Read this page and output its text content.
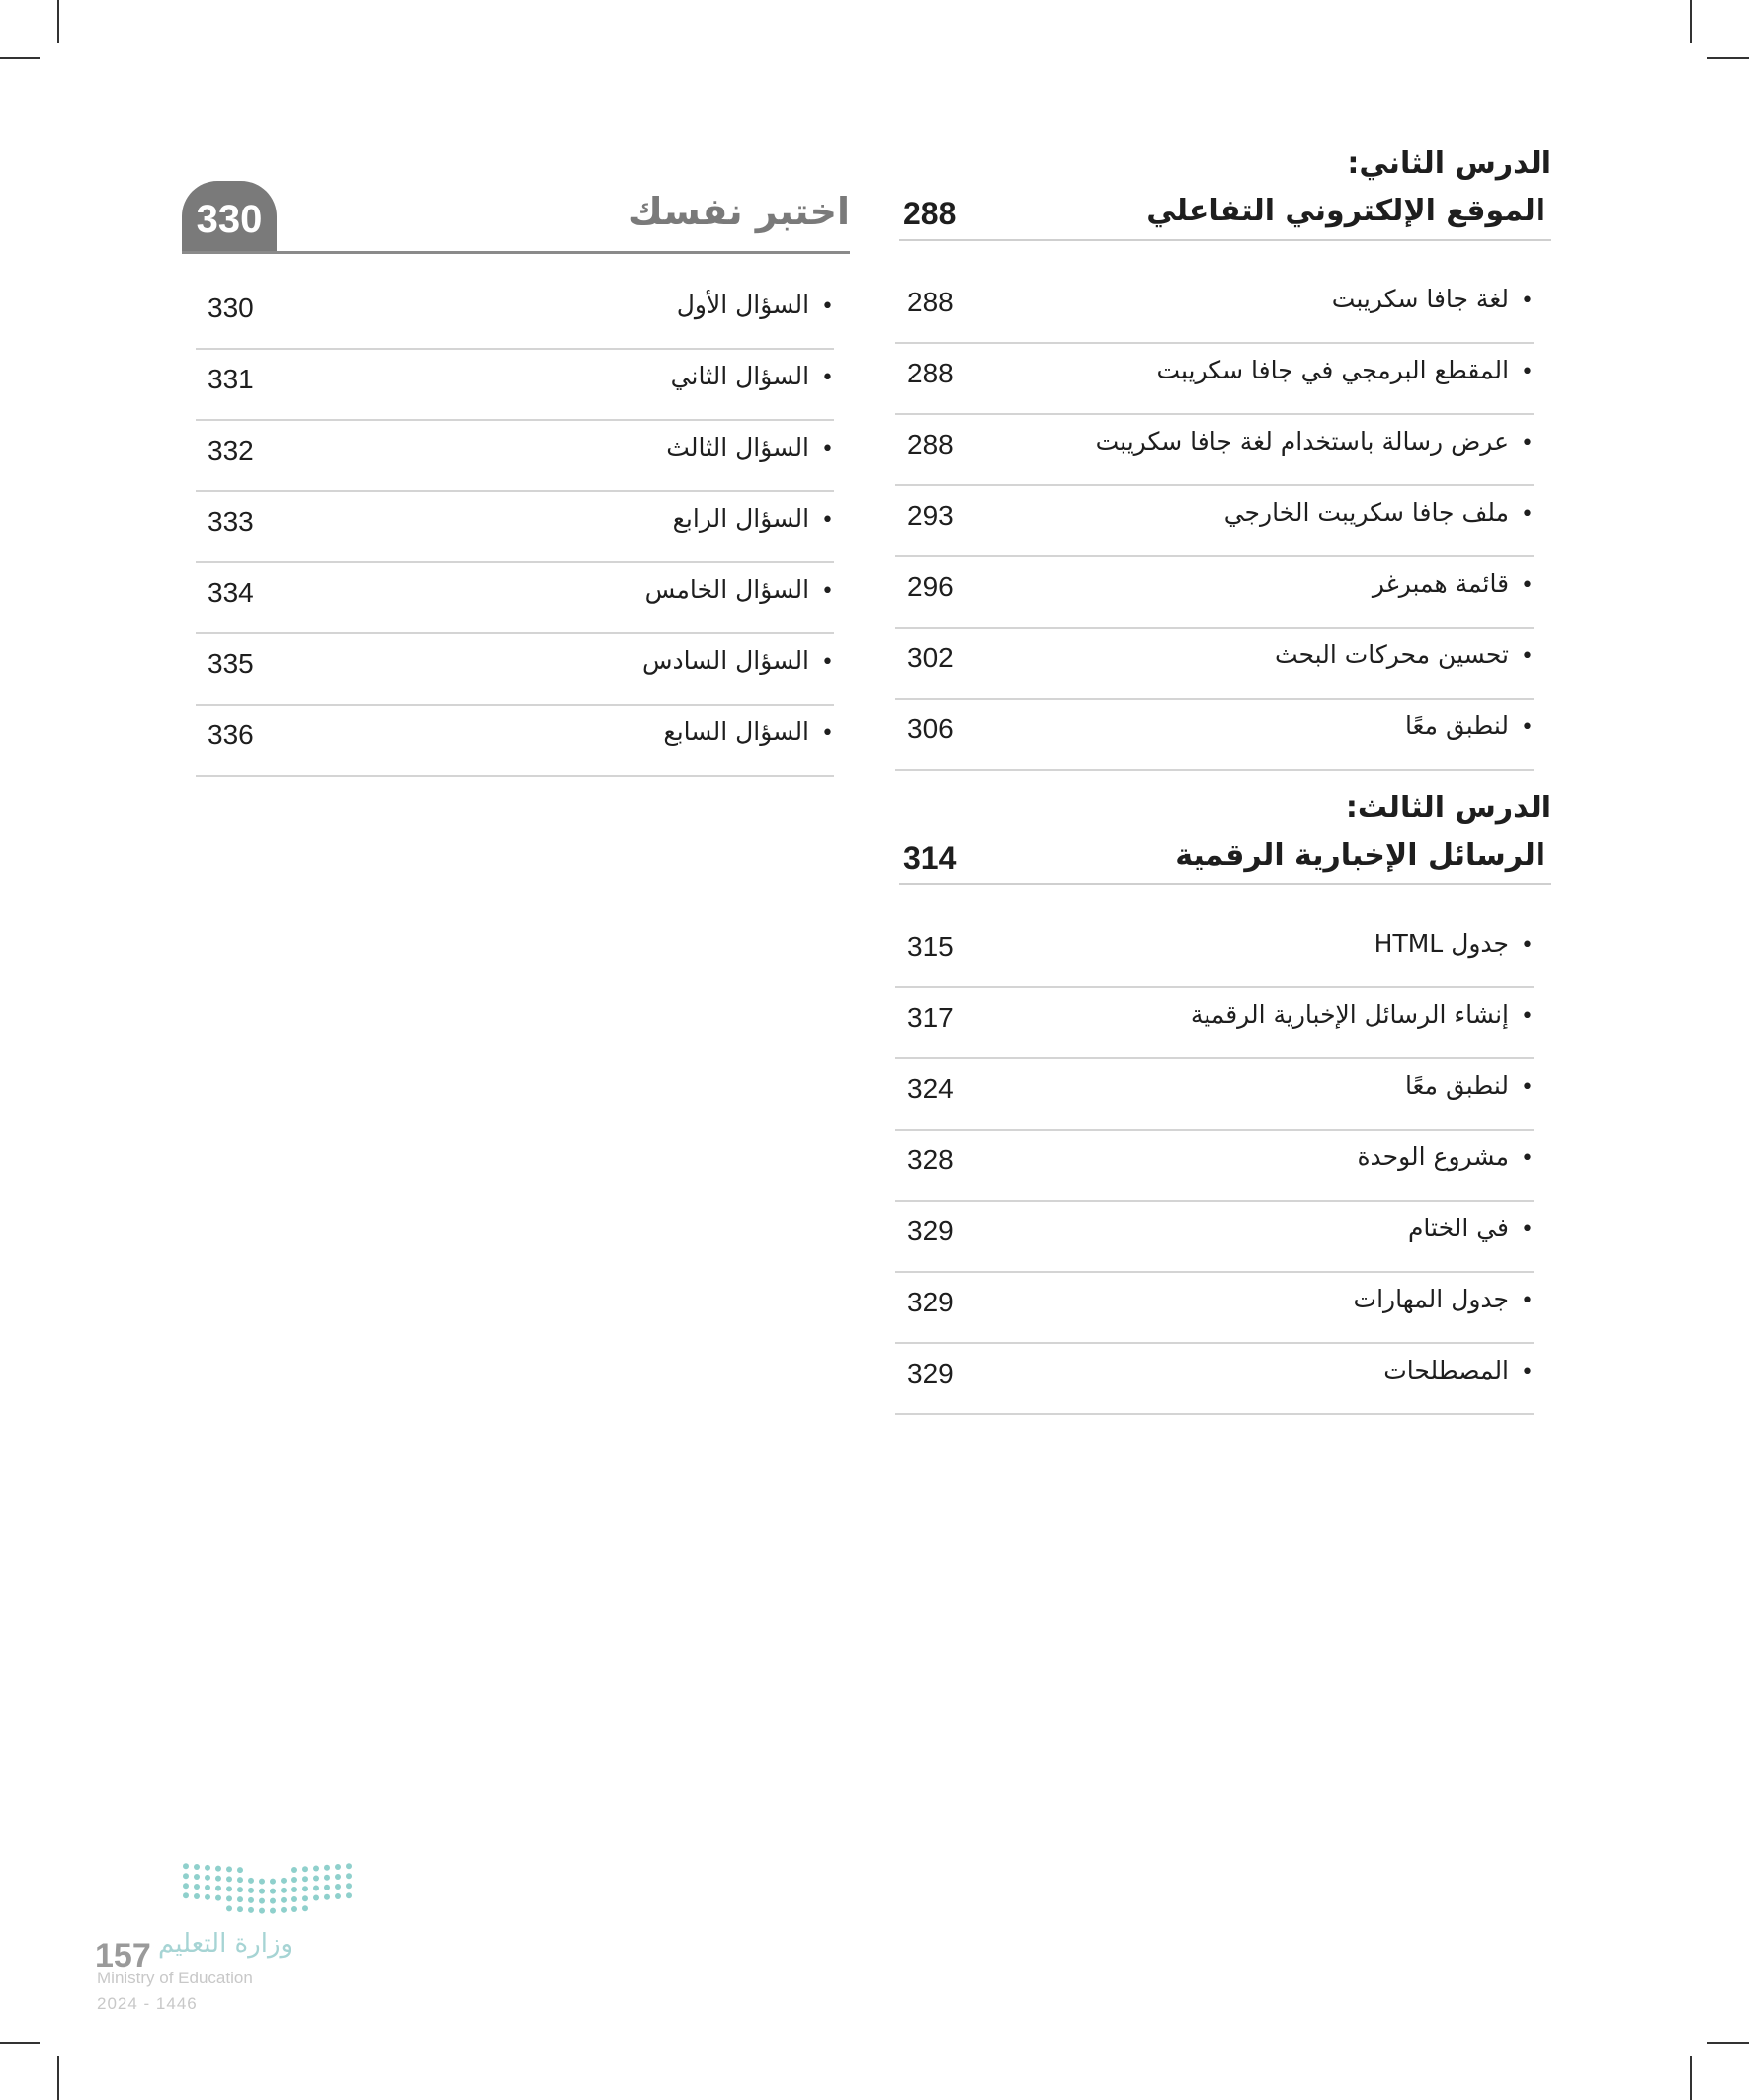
الدرس الثاني:
الموقع الإلكتروني التفاعلي
288
• لغة جافا سكريبت
288
• المقطع البرمجي في جافا سكريبت
288
• عرض رسالة باستخدام لغة جافا سكريبت
288
• ملف جافا سكريبت الخارجي
293
• قائمة همبرغر
296
• تحسين محركات البحث
302
• لنطبق معًا
306
الدرس الثالث:
الرسائل الإخبارية الرقمية
314
• جدول HTML
315
• إنشاء الرسائل الإخبارية الرقمية
317
• لنطبق معًا
324
• مشروع الوحدة
328
• في الختام
329
• جدول المهارات
329
• المصطلحات
329
330	اختبر نفسك
• السؤال الأول
330
• السؤال الثاني
331
• السؤال الثالث
332
• السؤال الرابع
333
• السؤال الخامس
334
• السؤال السادس
335
• السؤال السابع
336
وزارة التعليم
157
Ministry of Education
2024 - 1446
